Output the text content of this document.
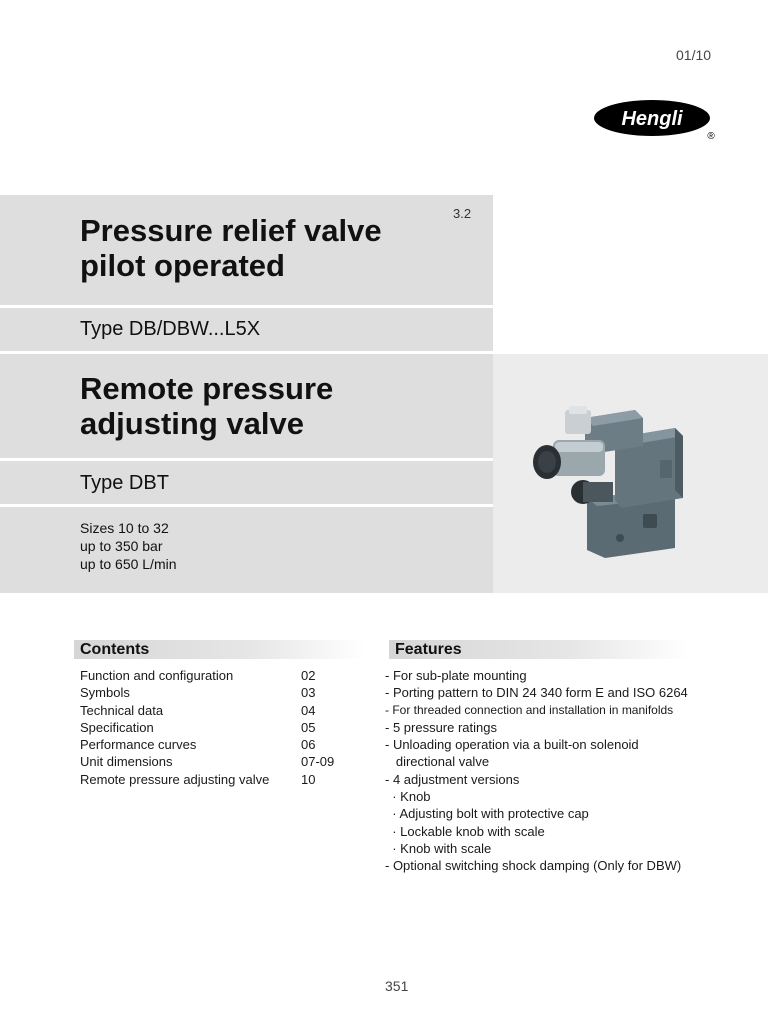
01/10
Hengli
®
3.2
Pressure relief valve
pilot operated
Type DB/DBW...L5X
Remote pressure
adjusting valve
Type DBT
Sizes 10 to 32
up to 350 bar
up to 650 L/min
Contents	Features
Function and configuration	02
Symbols	03
Technical data	04
Specification	05
Performance curves	06
Unit dimensions	07-09
Remote pressure adjusting valve 10
- For sub-plate mounting
- Porting pattern to DIN 24 340 form E and ISO 6264
- For threaded connection and installation in manifolds
- 5 pressure ratings
- Unloading operation via a built-on solenoid
directional valve
- 4 adjustment versions
· Knob
· Adjusting bolt with protective cap
· Lockable knob with scale
· Knob with scale
- Optional switching shock damping (Only for DBW)
351
